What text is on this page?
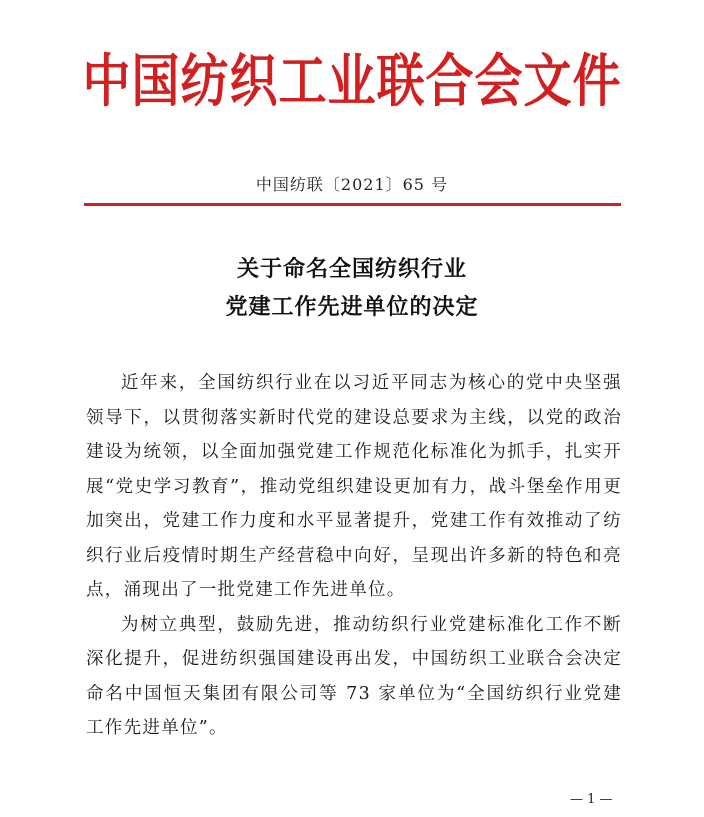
中国纺织工业联合会文件
中国纺联〔2021〕65 号
关于命名全国纺织行业
党建工作先进单位的决定

近年来，全国纺织行业在以习近平同志为核心的党中央坚强领导下，以贯彻落实新时代党的建设总要求为主线，以党的政治建设为统领，以全面加强党建工作规范化标准化为抓手，扎实开展“党史学习教育”，推动党组织建设更加有力，战斗堡垒作用更加突出，党建工作力度和水平显著提升，党建工作有效推动了纺织行业后疫情时期生产经营稳中向好，呈现出许多新的特色和亮点，涌现出了一批党建工作先进单位。

为树立典型，鼓励先进，推动纺织行业党建标准化工作不断深化提升，促进纺织强国建设再出发，中国纺织工业联合会决定命名中国恒天集团有限公司等 73 家单位为“全国纺织行业党建工作先进单位”。

— 1 —
